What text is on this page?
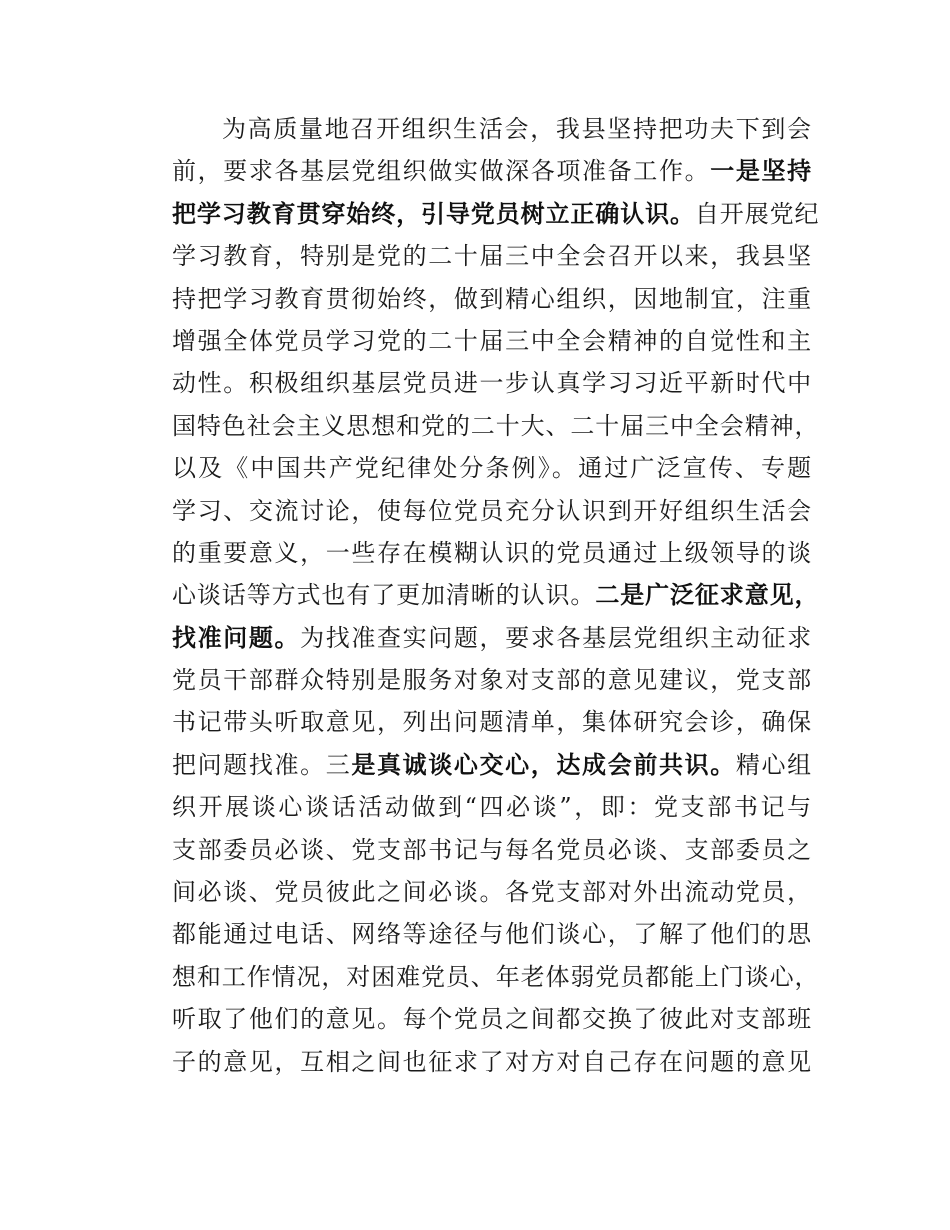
为高质量地召开组织生活会，我县坚持把功夫下到会
前，要求各基层党组织做实做深各项准备工作。一是坚持
把学习教育贯穿始终，引导党员树立正确认识。自开展党纪
学习教育，特别是党的二十届三中全会召开以来，我县坚
持把学习教育贯彻始终，做到精心组织，因地制宜，注重
增强全体党员学习党的二十届三中全会精神的自觉性和主
动性。积极组织基层党员进一步认真学习习近平新时代中
国特色社会主义思想和党的二十大、二十届三中全会精神，
以及《中国共产党纪律处分条例》。通过广泛宣传、专题
学习、交流讨论，使每位党员充分认识到开好组织生活会
的重要意义，一些存在模糊认识的党员通过上级领导的谈
心谈话等方式也有了更加清晰的认识。二是广泛征求意见，
找准问题。为找准查实问题，要求各基层党组织主动征求
党员干部群众特别是服务对象对支部的意见建议，党支部
书记带头听取意见，列出问题清单，集体研究会诊，确保
把问题找准。三是真诚谈心交心，达成会前共识。精心组
织开展谈心谈话活动做到“四必谈”，即：党支部书记与
支部委员必谈、党支部书记与每名党员必谈、支部委员之
间必谈、党员彼此之间必谈。各党支部对外出流动党员，
都能通过电话、网络等途径与他们谈心，了解了他们的思
想和工作情况，对困难党员、年老体弱党员都能上门谈心，
听取了他们的意见。每个党员之间都交换了彼此对支部班
子的意见，互相之间也征求了对方对自己存在问题的意见
